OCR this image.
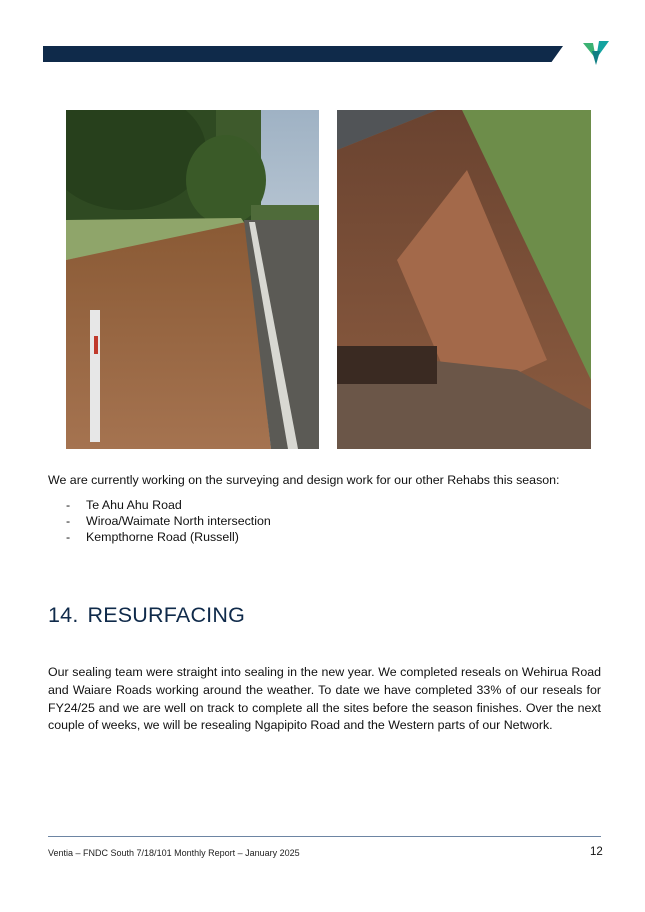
We are currently working on the surveying and design work for our other Rehabs this season:

-	Te Ahu Ahu Road
-	Wiroa/Waimate North intersection
-	Kempthorne Road (Russell)
14. RESURFACING

Our sealing team were straight into sealing in the new year. We completed reseals on Wehirua Road and Waiare Roads working around the weather. To date we have completed 33% of our reseals for FY24/25 and we are well on track to complete all the sites before the season finishes. Over the next couple of weeks, we will be resealing Ngapipito Road and the Western parts of our Network.

Ventia – FNDC South 7/18/101 Monthly Report – January 2025	12
